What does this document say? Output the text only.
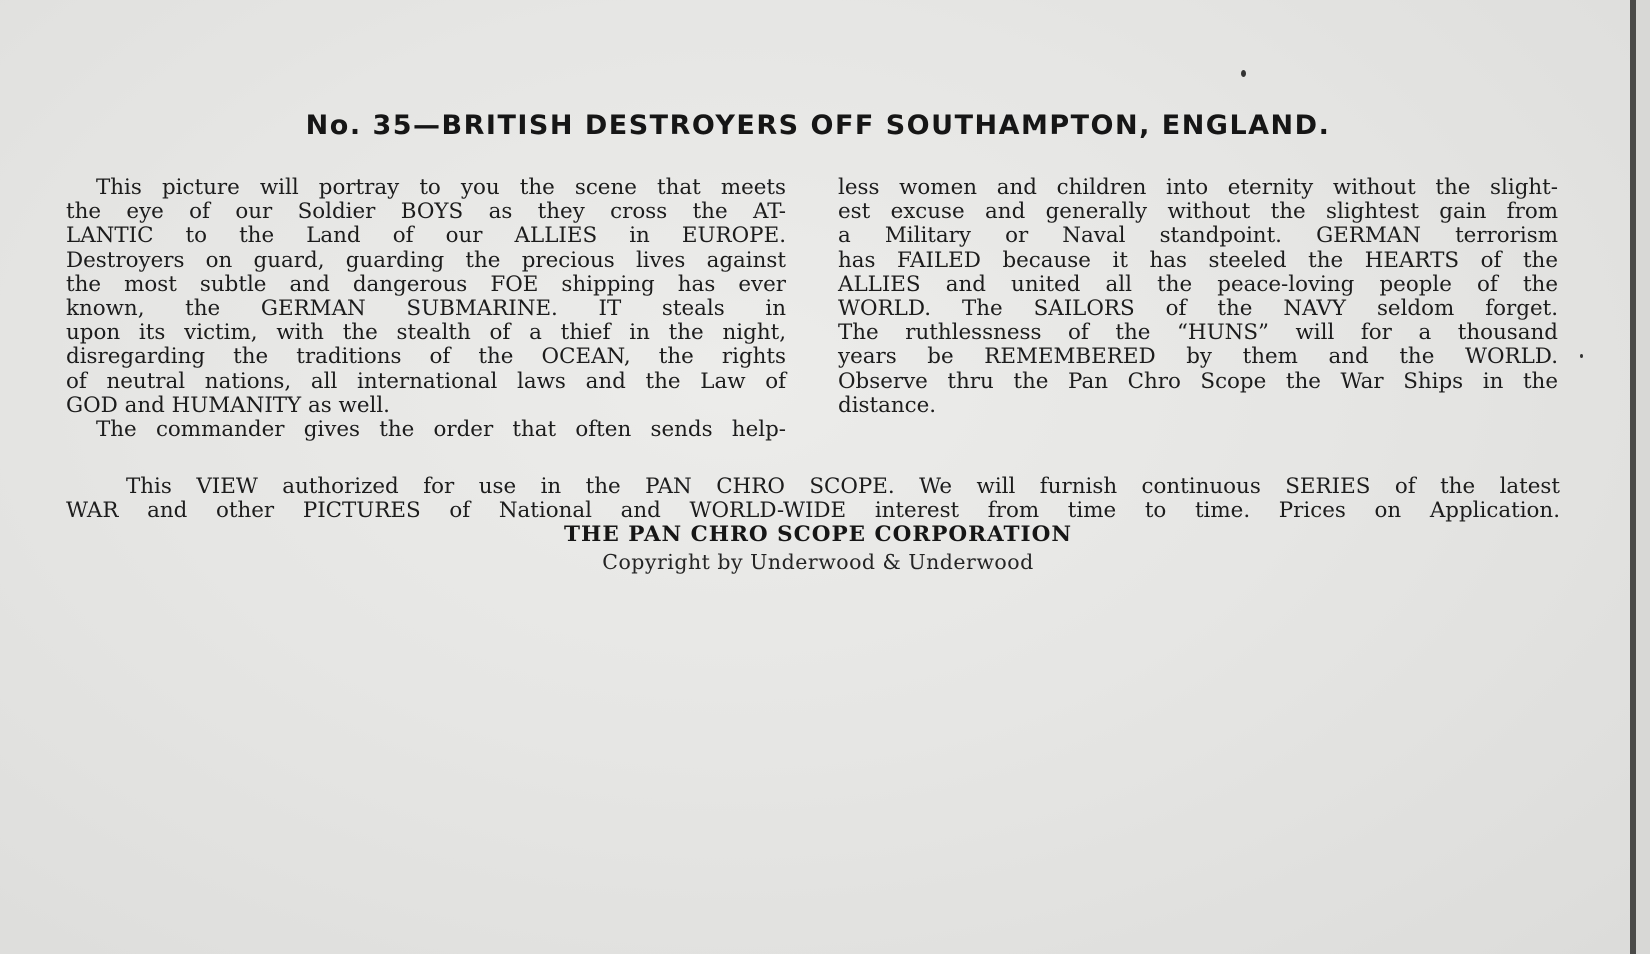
No. 35—BRITISH DESTROYERS OFF SOUTHAMPTON, ENGLAND.
This picture will portray to you the scene that meets
the eye of our Soldier BOYS as they cross the AT-
LANTIC to the Land of our ALLIES in EUROPE.
Destroyers on guard, guarding the precious lives against
the most subtle and dangerous FOE shipping has ever
known, the GERMAN SUBMARINE. IT steals in
upon its victim, with the stealth of a thief in the night,
disregarding the traditions of the OCEAN, the rights
of neutral nations, all international laws and the Law of
GOD and HUMANITY as well.
The commander gives the order that often sends help-
less women and children into eternity without the slight-
est excuse and generally without the slightest gain from
a Military or Naval standpoint. GERMAN terrorism
has FAILED because it has steeled the HEARTS of the
ALLIES and united all the peace-loving people of the
WORLD. The SAILORS of the NAVY seldom forget.
The ruthlessness of the “HUNS” will for a thousand
years be REMEMBERED by them and the WORLD.
Observe thru the Pan Chro Scope the War Ships in the
distance.
This VIEW authorized for use in the PAN CHRO SCOPE. We will furnish continuous SERIES of the latest
WAR and other PICTURES of National and WORLD-WIDE interest from time to time. Prices on Application.
THE PAN CHRO SCOPE CORPORATION
Copyright by Underwood & Underwood
